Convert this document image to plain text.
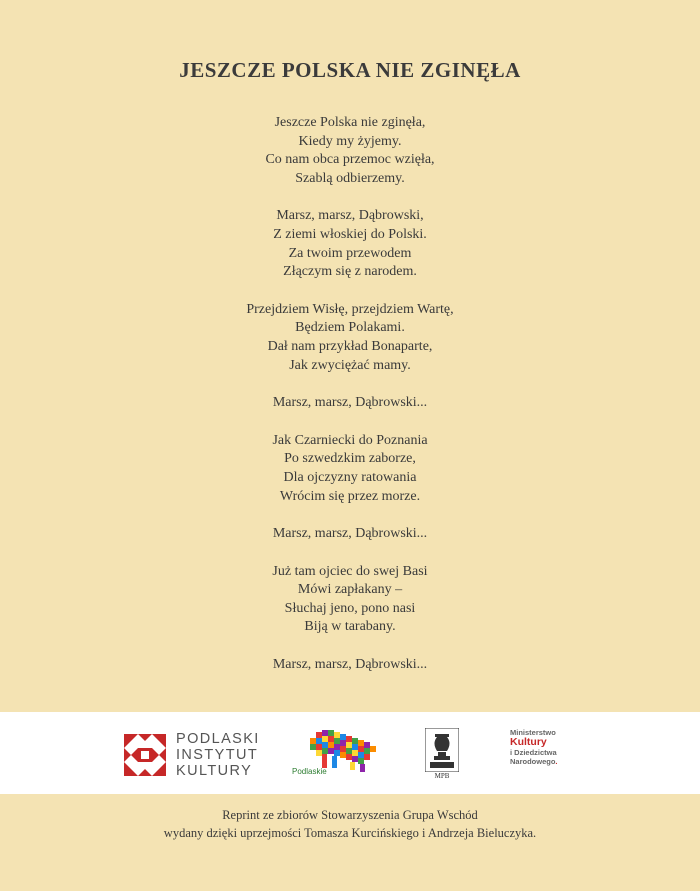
JESZCZE POLSKA NIE ZGINĘŁA
Jeszcze Polska nie zginęła,
Kiedy my żyjemy.
Co nam obca przemoc wzięła,
Szablą odbierzemy.
Marsz, marsz, Dąbrowski,
Z ziemi włoskiej do Polski.
Za twoim przewodem
Złączym się z narodem.
Przejdziem Wisłę, przejdziem Wartę,
Będziem Polakami.
Dał nam przykład Bonaparte,
Jak zwyciężać mamy.
Marsz, marsz, Dąbrowski...
Jak Czarniecki do Poznania
Po szwedzkim zaborze,
Dla ojczyzny ratowania
Wrócim się przez morze.
Marsz, marsz, Dąbrowski...
Już tam ojciec do swej Basi
Mówi zapłakany –
Słuchaj jeno, pono nasi
Biją w tarabany.
Marsz, marsz, Dąbrowski...
PODLASKI
INSTYTUT
KULTURY	Podlaskie	MPB
Ministerstwo
Kultury
i Dziedzictwa
Narodowego.
Reprint ze zbiorów Stowarzyszenia Grupa Wschód
wydany dzięki uprzejmości Tomasza Kurcińskiego i Andrzeja Bieluczyka.
